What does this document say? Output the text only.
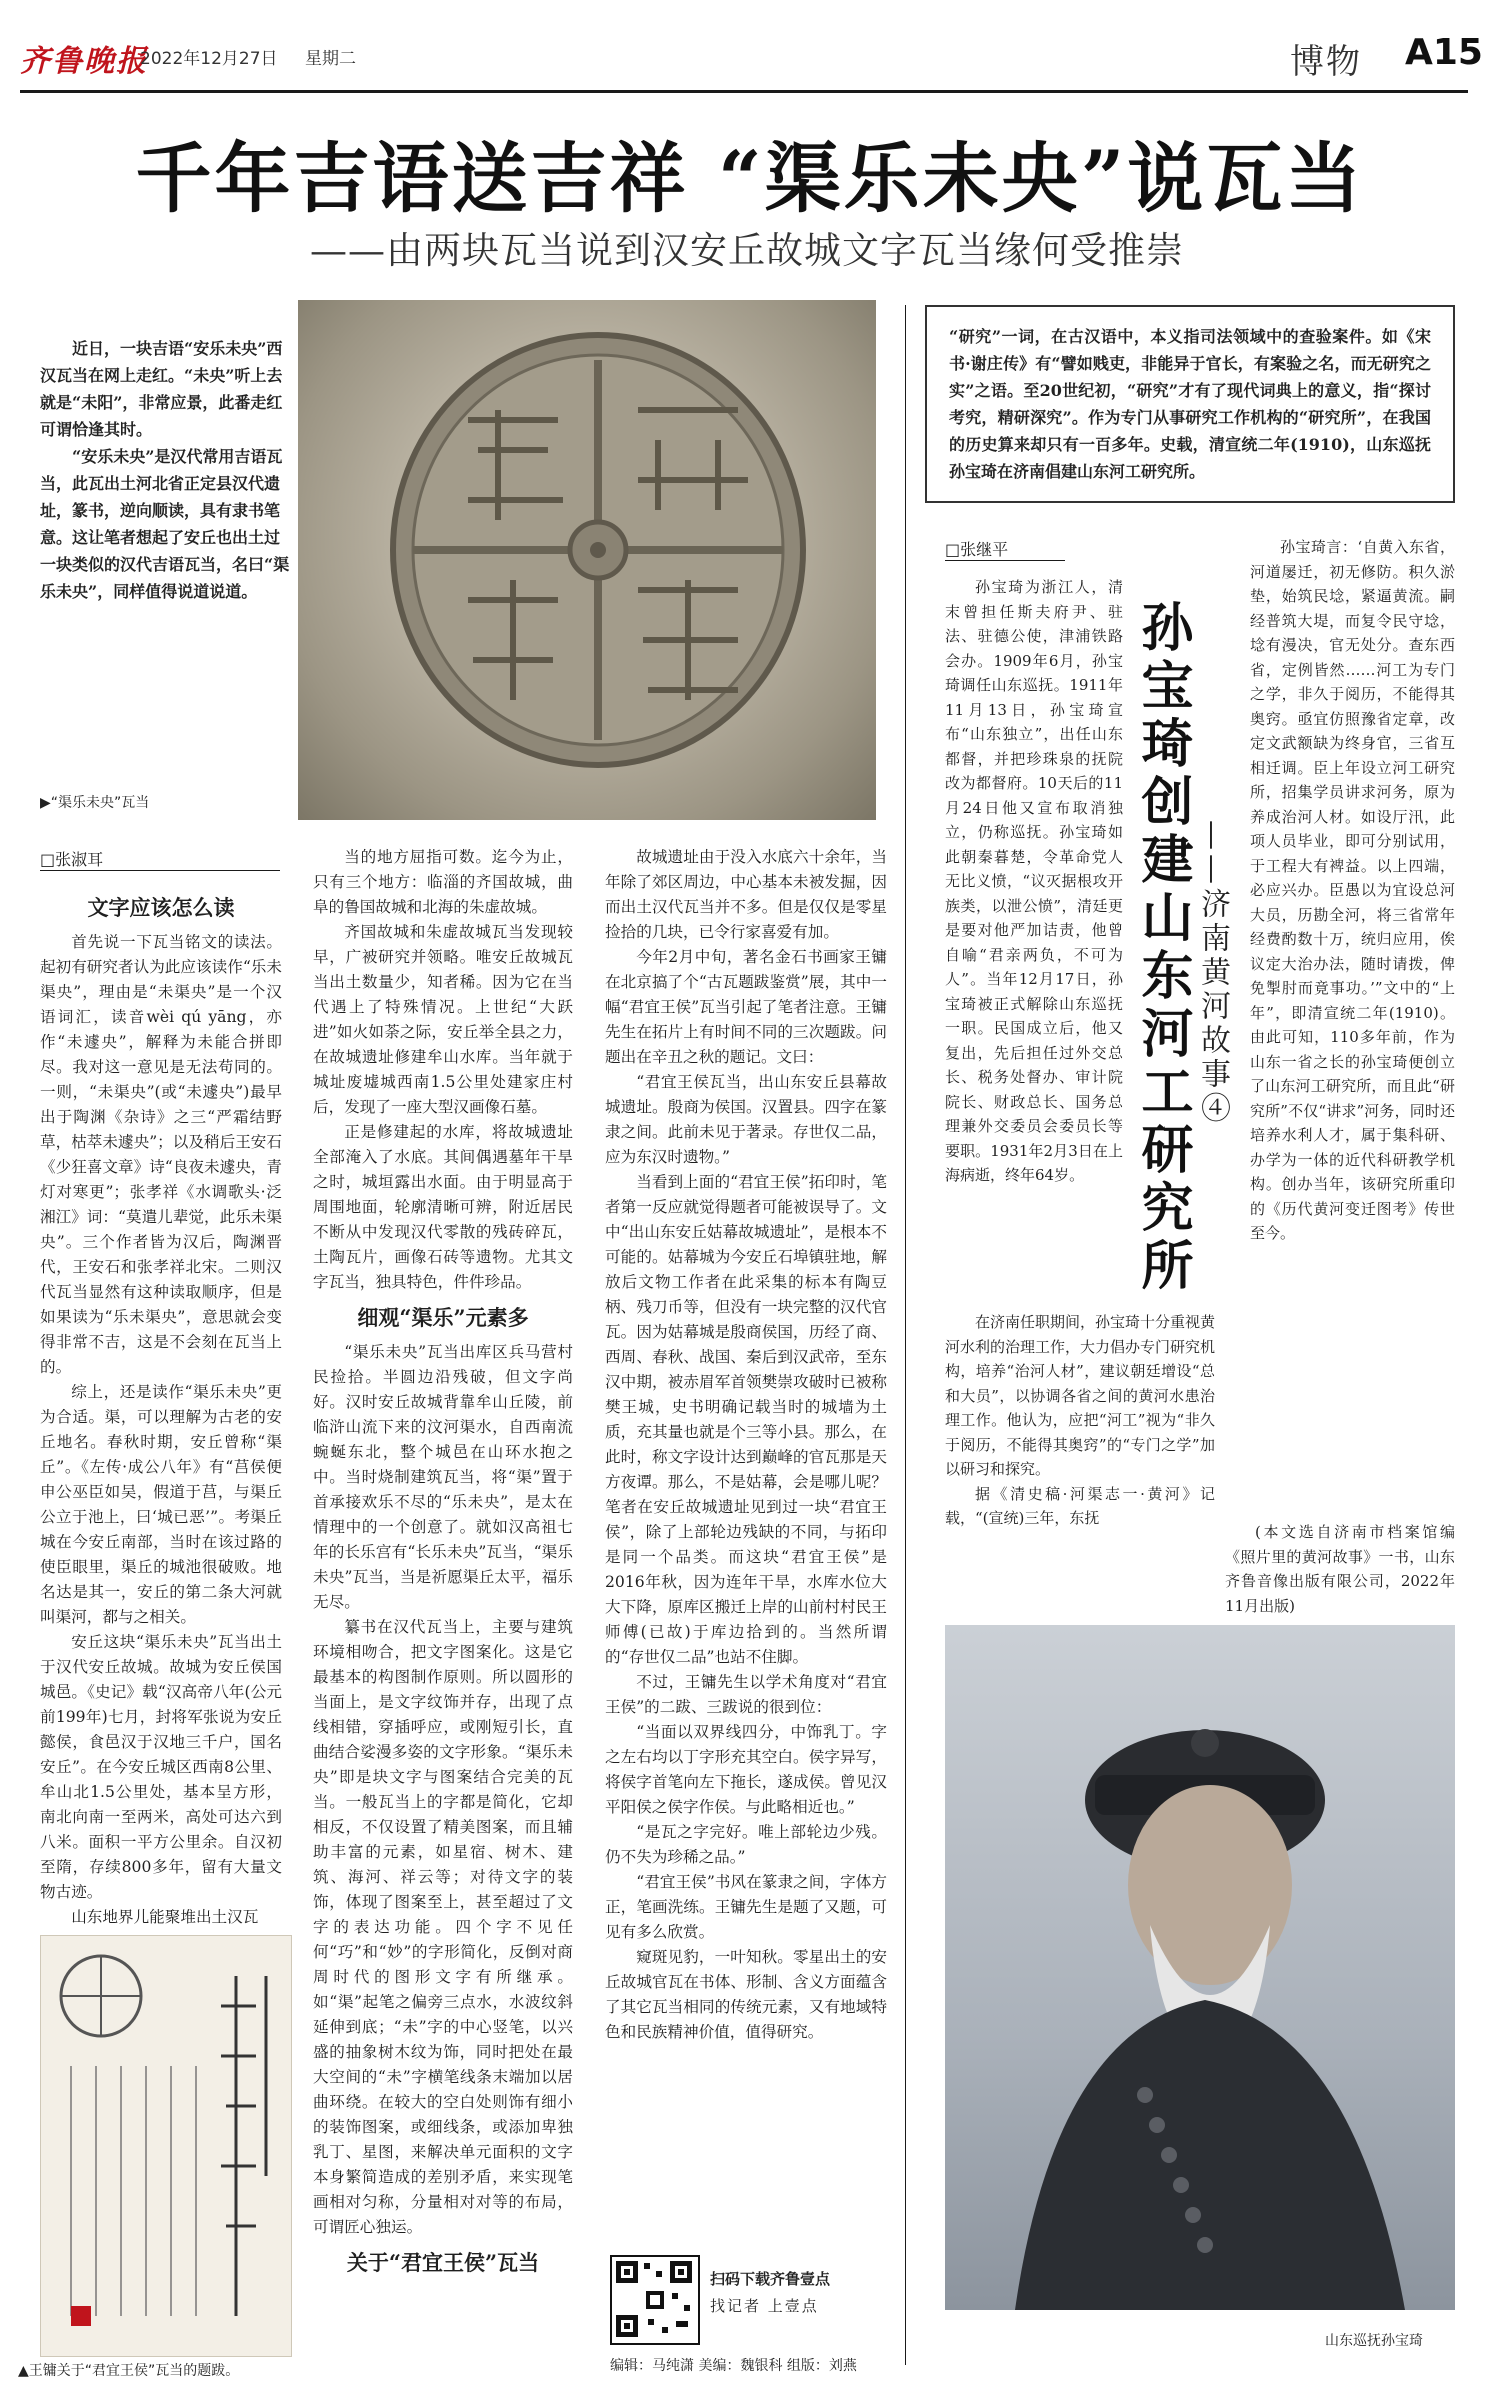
齐鲁晚报
2022年12月27日 星期二	博物 A15
千年吉语送吉祥 “渠乐未央”说瓦当
——由两块瓦当说到汉安丘故城文字瓦当缘何受推崇

近日，一块吉语“安乐未央”西汉瓦当在网上走红。“未央”听上去就是“未阳”，非常应景，此番走红可谓恰逢其时。

“安乐未央”是汉代常用吉语瓦当，此瓦出土河北省正定县汉代遗址，篆书，逆向顺读，具有隶书笔意。这让笔者想起了安丘也出土过一块类似的汉代吉语瓦当，名曰“渠乐未央”，同样值得说道说道。

▶“渠乐未央”瓦当
□张淑耳
文字应该怎么读

首先说一下瓦当铭文的读法。起初有研究者认为此应该读作“乐未渠央”，理由是“未渠央”是一个汉语词汇，读音wèi qú yāng，亦作“未遽央”，解释为未能合拼即尽。我对这一意见是无法苟同的。一则，“未渠央”(或“未遽央”)最早出于陶渊《杂诗》之三“严霜结野草，枯萃未遽央”；以及稍后王安石《少狂喜文章》诗“良夜未遽央，青灯对寒更”；张孝祥《水调歌头·泛湘江》词：“莫遣儿辈觉，此乐未渠央”。三个作者皆为汉后，陶渊晋代，王安石和张孝祥北宋。二则汉代瓦当显然有这种读取顺序，但是如果读为“乐未渠央”，意思就会变得非常不吉，这是不会刻在瓦当上的。

综上，还是读作“渠乐未央”更为合适。渠，可以理解为古老的安丘地名。春秋时期，安丘曾称“渠丘”。《左传·成公八年》有“莒侯便申公巫臣如吴，假道于莒，与渠丘公立于池上，曰‘城已恶’”。考渠丘城在今安丘南部，当时在该过路的使臣眼里，渠丘的城池很破败。地名达是其一，安丘的第二条大河就叫渠河，都与之相关。

安丘这块“渠乐未央”瓦当出土于汉代安丘故城。故城为安丘侯国城邑。《史记》载“汉高帝八年(公元前199年)七月，封将军张说为安丘懿侯，食邑汉于汉地三千户，国名安丘”。在今安丘城区西南8公里、牟山北1.5公里处，基本呈方形，南北向南一至两米，高处可达六到八米。面积一平方公里余。自汉初至隋，存续800多年，留有大量文物古迹。

山东地界儿能聚堆出土汉瓦

▲王镛关于“君宜王侯”瓦当的题跋。

当的地方屈指可数。迄今为止，只有三个地方：临淄的齐国故城，曲阜的鲁国故城和北海的朱虚故城。

齐国故城和朱虚故城瓦当发现较早，广被研究并领略。唯安丘故城瓦当出土数量少，知者稀。因为它在当代遇上了特殊情况。上世纪“大跃进”如火如荼之际，安丘举全县之力，在故城遗址修建牟山水库。当年就于城址废墟城西南1.5公里处建家庄村后，发现了一座大型汉画像石墓。

正是修建起的水库，将故城遗址全部淹入了水底。其间偶遇墓年干旱之时，城垣露出水面。由于明显高于周围地面，轮廓清晰可辨，附近居民不断从中发现汉代零散的残砖碎瓦，土陶瓦片，画像石砖等遗物。尤其文字瓦当，独具特色，件件珍品。

细观“渠乐”元素多

“渠乐未央”瓦当出库区兵马营村民捡拾。半圆边沿残破，但文字尚好。汉时安丘故城背靠牟山丘陵，前临浒山流下来的汶河渠水，自西南流蜿蜒东北，整个城邑在山环水抱之中。当时烧制建筑瓦当，将“渠”置于首承接欢乐不尽的“乐未央”，是太在情理中的一个创意了。就如汉高祖七年的长乐宫有“长乐未央”瓦当，“渠乐未央”瓦当，当是祈愿渠丘太平，福乐无尽。

纂书在汉代瓦当上，主要与建筑环境相吻合，把文字图案化。这是它最基本的构图制作原则。所以圆形的当面上，是文字纹饰并存，出现了点线相错，穿插呼应，或刚短引长，直曲结合娑漫多姿的文字形象。“渠乐未央”即是块文字与图案结合完美的瓦当。一般瓦当上的字都是简化，它却相反，不仅设置了精美图案，而且辅助丰富的元素，如星宿、树木、建筑、海河、祥云等；对待文字的装饰，体现了图案至上，甚至超过了文字的表达功能。四个字不见任何“巧”和“妙”的字形简化，反倒对商周时代的图形文字有所继承。如“渠”起笔之偏旁三点水，水波纹斜延伸到底；“未”字的中心竖笔，以兴盛的抽象树木纹为饰，同时把处在最大空间的“未”字横笔线条末端加以居曲环绕。在较大的空白处则饰有细小的装饰图案，或细线条，或添加卑独乳丁、星图，来解决单元面积的文字本身繁简造成的差别矛盾，来实现笔画相对匀称，分量相对对等的布局，可谓匠心独运。

关于“君宜王侯”瓦当

故城遗址由于没入水底六十余年，当年除了郊区周边，中心基本未被发掘，因而出土汉代瓦当并不多。但是仅仅是零星捡拾的几块，已令行家喜爱有加。

今年2月中旬，著名金石书画家王镛在北京搞了个“古瓦题跋鉴赏”展，其中一幅“君宜王侯”瓦当引起了笔者注意。王镛先生在拓片上有时间不同的三次题跋。问题出在辛丑之秋的题记。文曰：

“君宜王侯瓦当，出山东安丘县幕故城遗址。殷商为侯国。汉置县。四字在篆隶之间。此前未见于著录。存世仅二品，应为东汉时遗物。”

当看到上面的“君宜王侯”拓印时，笔者第一反应就觉得题者可能被误导了。文中“出山东安丘姑幕故城遗址”，是根本不可能的。姑幕城为今安丘石埠镇驻地，解放后文物工作者在此采集的标本有陶豆柄、残刀币等，但没有一块完整的汉代官瓦。因为姑幕城是殷商侯国，历经了商、西周、春秋、战国、秦后到汉武帝，至东汉中期，被赤眉军首领樊崇攻破时已被称樊王城，史书明确记载当时的城墙为土质，充其量也就是个三等小县。那么，在此时，称文字设计达到巅峰的官瓦那是天方夜谭。那么，不是姑幕，会是哪儿呢？笔者在安丘故城遗址见到过一块“君宜王侯”，除了上部轮边残缺的不同，与拓印是同一个品类。而这块“君宜王侯”是2016年秋，因为连年干旱，水库水位大大下降，原库区搬迁上岸的山前村村民王师傅(已故)于库边拾到的。当然所谓的“存世仅二品”也站不住脚。

不过，王镛先生以学术角度对“君宜王侯”的二跋、三跋说的很到位：

“当面以双界线四分，中饰乳丁。字之左右均以丁字形充其空白。侯字异写，将侯字首笔向左下拖长，遂成侯。曾见汉平阳侯之侯字作侯。与此略相近也。”

“是瓦之字完好。唯上部轮边少残。仍不失为珍稀之品。”

“君宜王侯”书风在篆隶之间，字体方正，笔画洗练。王镛先生是题了又题，可见有多么欣赏。

窥斑见豹，一叶知秋。零星出土的安丘故城官瓦在书体、形制、含义方面蕴含了其它瓦当相同的传统元素，又有地域特色和民族精神价值，值得研究。

扫码下载齐鲁壹点
找记者 上壹点
编辑：马纯潇 美编：魏银科 组版：刘燕
“研究”一词，在古汉语中，本义指司法领域中的查验案件。如《宋书·谢庄传》有“譬如贱吏，非能异于官长，有案验之名，而无研究之实”之语。至20世纪初，“研究”才有了现代词典上的意义，指“探讨考究，精研深究”。作为专门从事研究工作机构的“研究所”，在我国的历史算来却只有一百多年。史载，清宣统二年(1910)，山东巡抚孙宝琦在济南倡建山东河工研究所。
□张继平

孙宝琦为浙江人，清末曾担任斯夫府尹、驻法、驻德公使，津浦铁路会办。1909年6月，孙宝琦调任山东巡抚。1911年11月13日，孙宝琦宣布“山东独立”，出任山东都督，并把珍珠泉的抚院改为都督府。10天后的11月24日他又宣布取消独立，仍称巡抚。孙宝琦如此朝秦暮楚，令革命党人无比义愤，“议灭据根攻开族类，以泄公愤”，清廷更是要对他严加诘责，他曾自喻“君亲两负，不可为人”。当年12月17日，孙宝琦被正式解除山东巡抚一职。民国成立后，他又复出，先后担任过外交总长、税务处督办、审计院院长、财政总长、国务总理兼外交委员会委员长等要职。1931年2月3日在上海病逝，终年64岁。

在济南任职期间，孙宝琦十分重视黄河水利的治理工作，大力倡办专门研究机构，培养“治河人材”，建议朝廷增设“总和大员”，以协调各省之间的黄河水患治理工作。他认为，应把“河工”视为“非久于阅历，不能得其奥窍”的“专门之学”加以研习和探究。

据《清史稿·河渠志一·黄河》记载，“(宣统)三年，东抚

孙宝琦创建山东河工研究所 ——济南黄河故事④

孙宝琦言：‘自黄入东省，河道屡迁，初无修防。积久淤垫，始筑民埝，紧逼黄流。嗣经普筑大堤，而复令民守埝，埝有漫决，官无处分。查东西省，定例皆然……河工为专门之学，非久于阅历，不能得其奥窍。亟宜仿照豫省定章，改定文武额缺为终身官，三省互相迁调。臣上年设立河工研究所，招集学员讲求河务，原为养成治河人材。如设厅汛，此项人员毕业，即可分别试用，于工程大有裨益。以上四端，必应兴办。臣愚以为宜设总河大员，历勘全河，将三省常年经费酌数十万，统归应用，俟议定大治办法，随时请拨，俾免掣肘而竟事功。’”文中的“上年”，即清宣统二年(1910)。由此可知，110多年前，作为山东一省之长的孙宝琦便创立了山东河工研究所，而且此“研究所”不仅“讲求”河务，同时还培养水利人才，属于集科研、办学为一体的近代科研教学机构。创办当年，该研究所重印的《历代黄河变迁图考》传世至今。

(本文选自济南市档案馆编《照片里的黄河故事》一书，山东齐鲁音像出版有限公司，2022年11月出版)

山东巡抚孙宝琦
